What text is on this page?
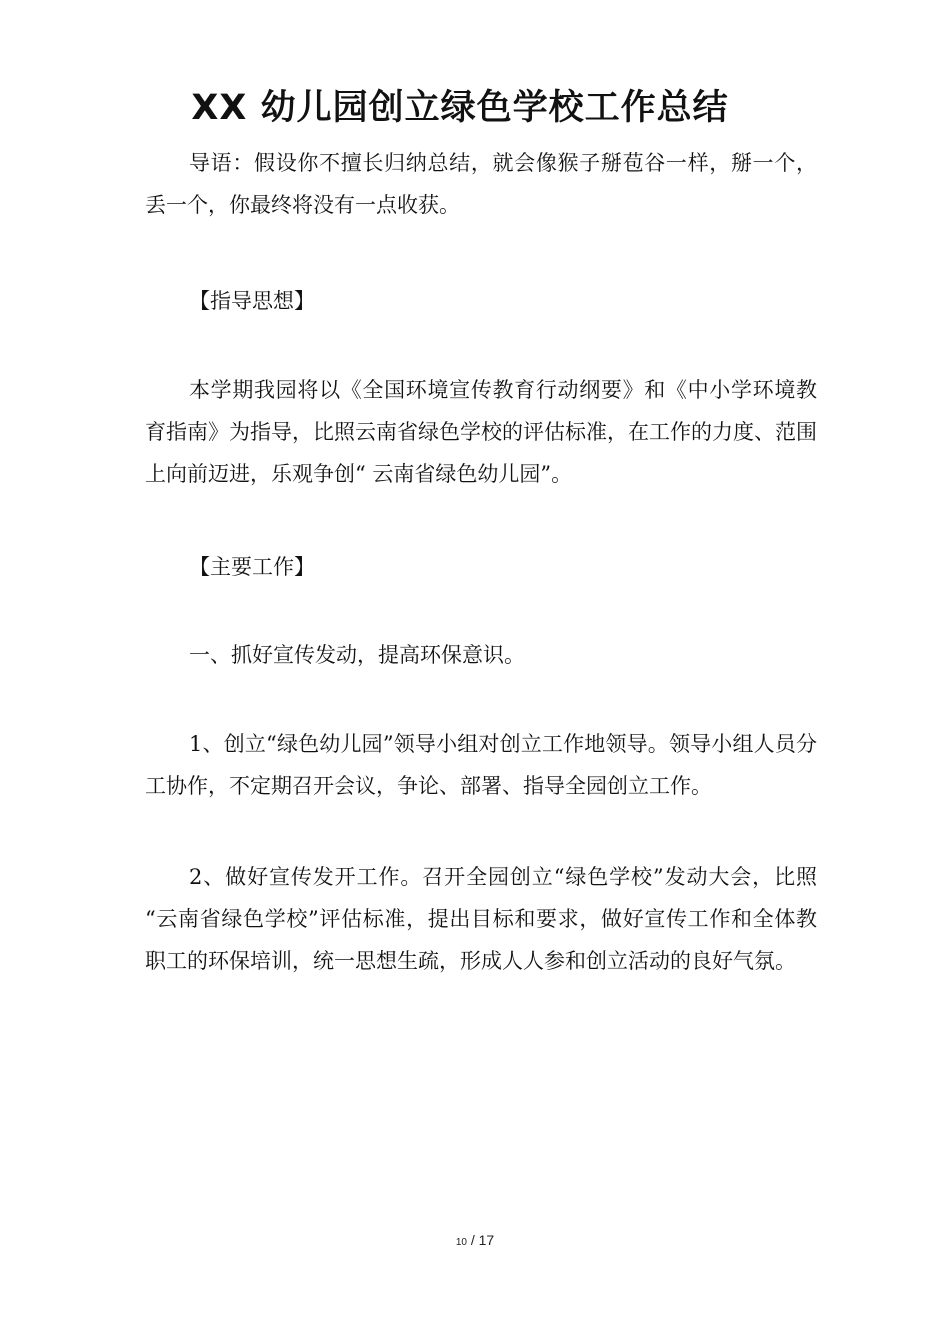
XX 幼儿园创立绿色学校工作总结

导语：假设你不擅长归纳总结，就会像猴子掰苞谷一样，掰一个，丢一个，你最终将没有一点收获。

【指导思想】

本学期我园将以《全国环境宣传教育行动纲要》和《中小学环境教育指南》为指导，比照云南省绿色学校的评估标准，在工作的力度、范围上向前迈进，乐观争创“ 云南省绿色幼儿园”。

【主要工作】

一、抓好宣传发动，提高环保意识。

1、创立“绿色幼儿园”领导小组对创立工作地领导。领导小组人员分工协作，不定期召开会议，争论、部署、指导全园创立工作。

2、做好宣传发开工作。召开全园创立“绿色学校”发动大会，比照 “云南省绿色学校”评估标准，提出目标和要求，做好宣传工作和全体教职工的环保培训，统一思想生疏，形成人人参和创立活动的良好气氛。

10 / 17
